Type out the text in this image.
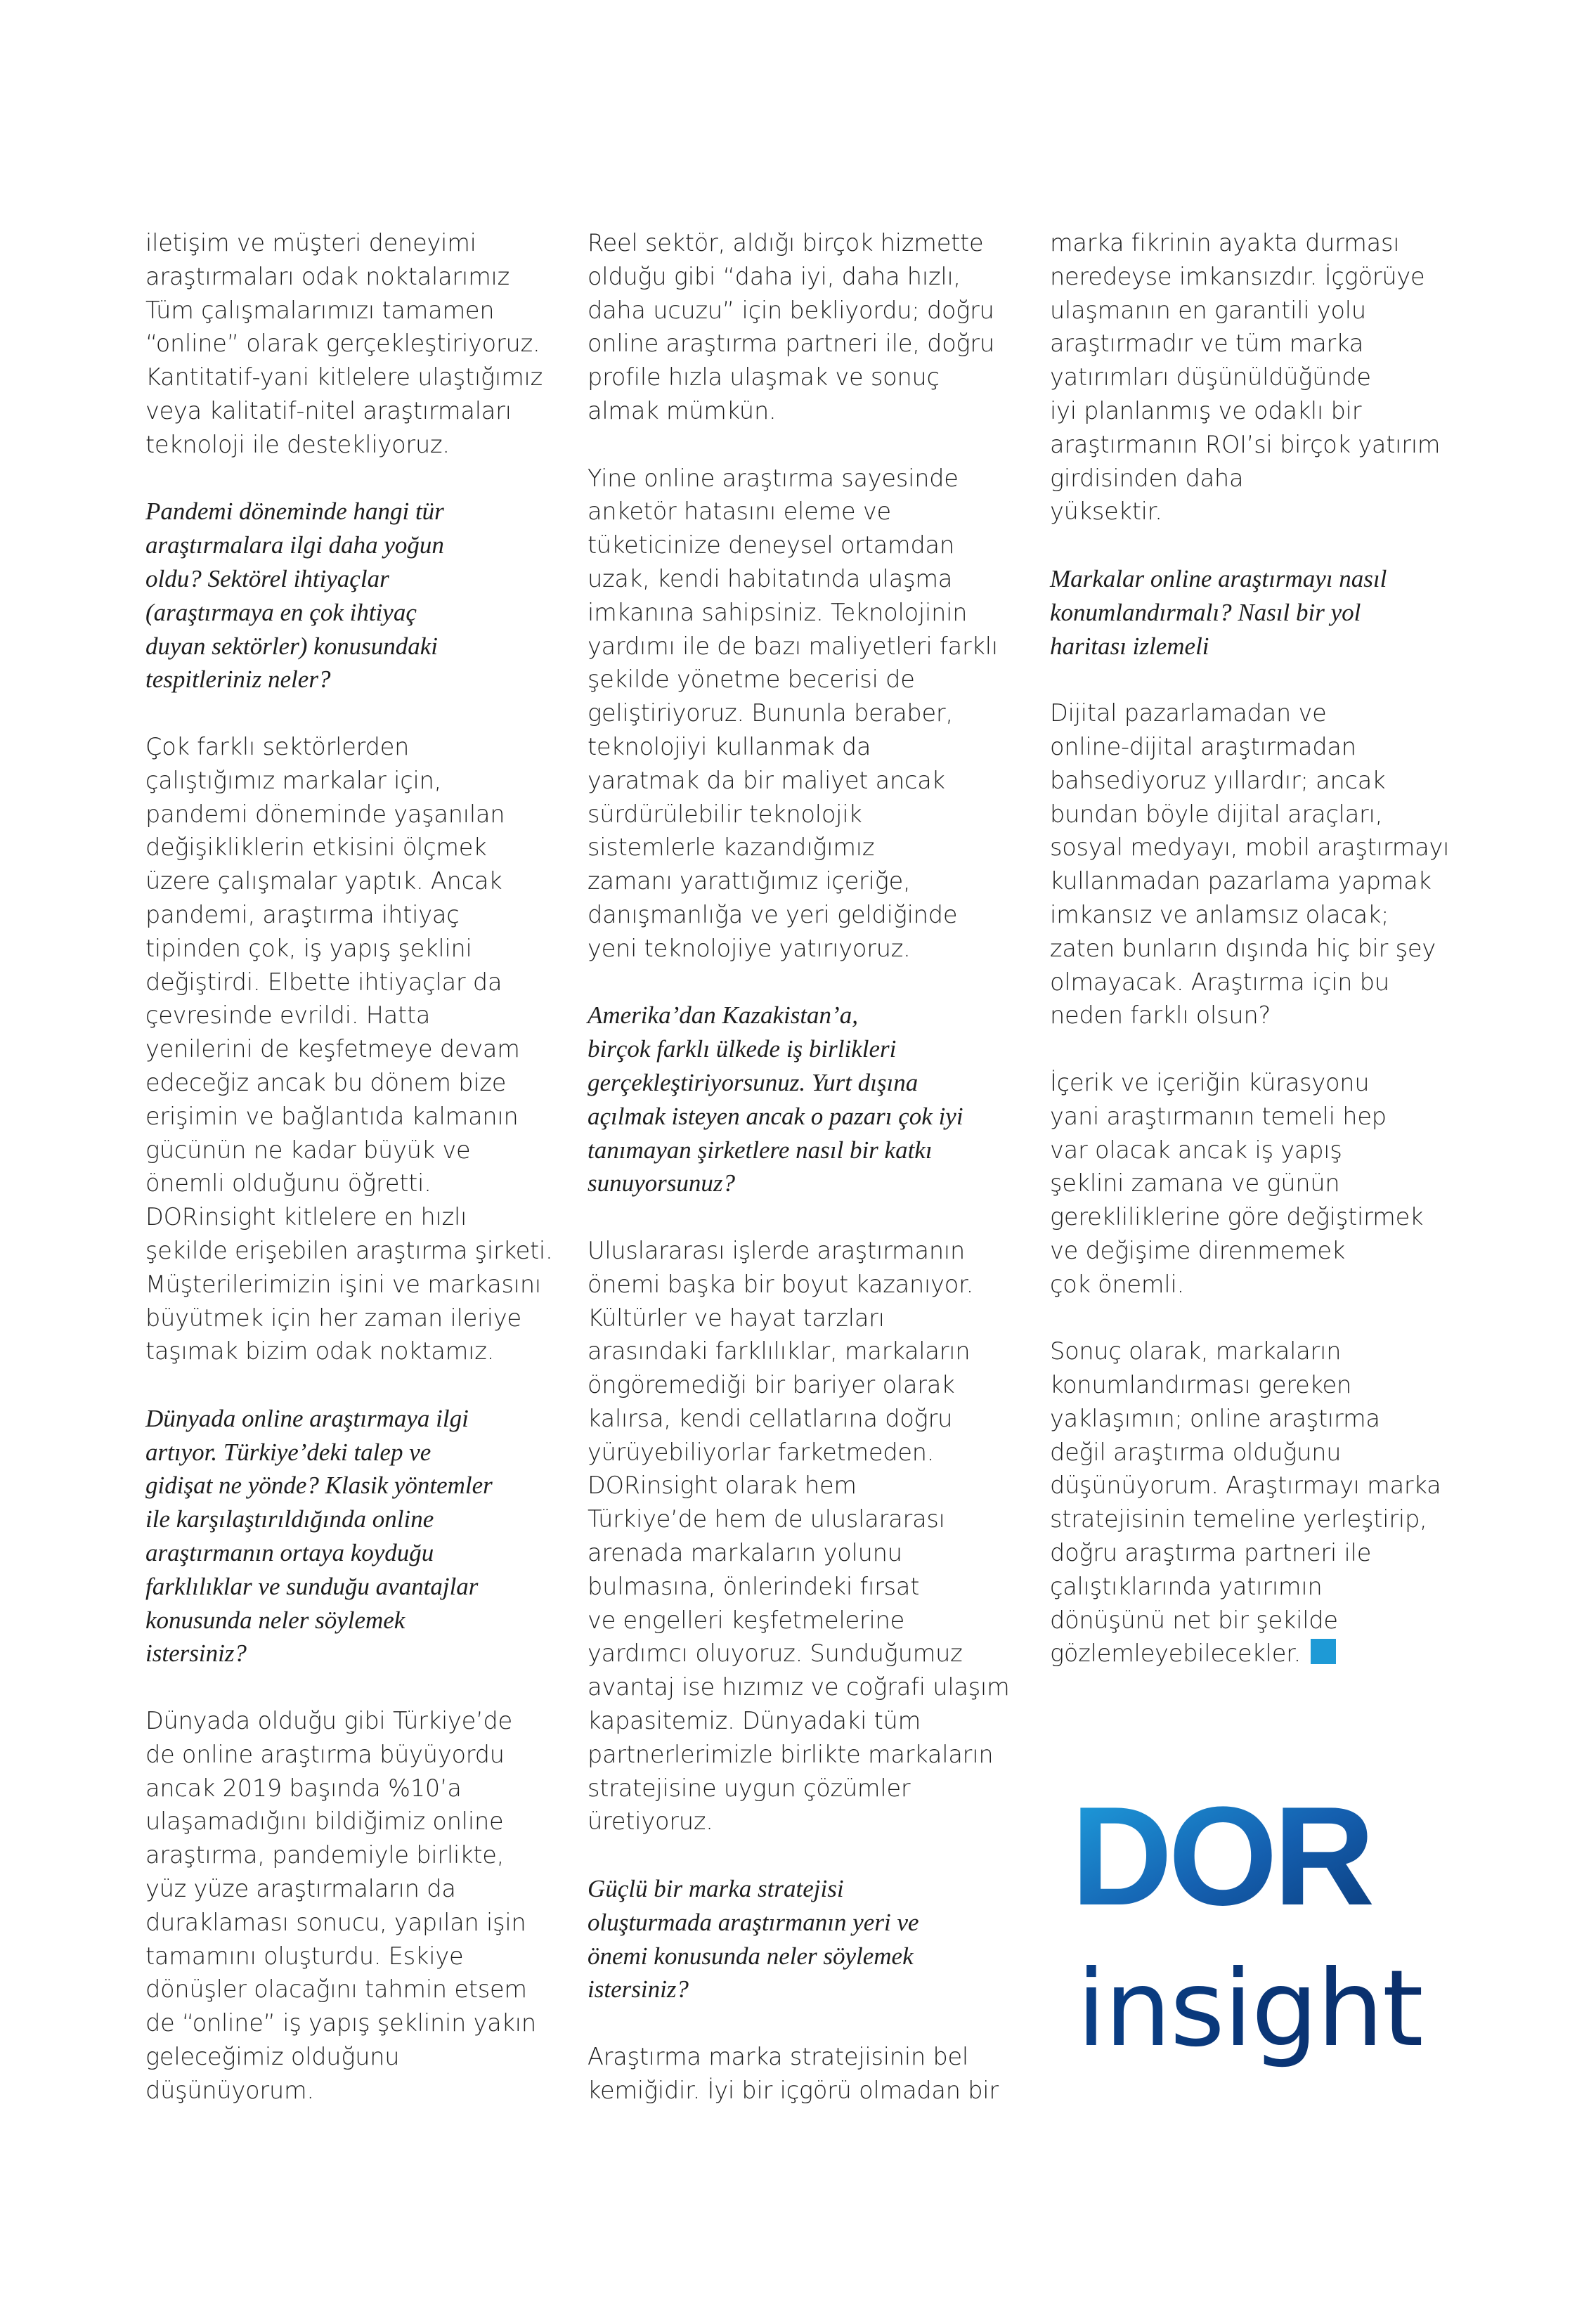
iletişim ve müşteri deneyimi
araştırmaları odak noktalarımız
Tüm çalışmalarımızı tamamen
“online” olarak gerçekleştiriyoruz.
Kantitatif-yani kitlelere ulaştığımız
veya kalitatif-nitel araştırmaları
teknoloji ile destekliyoruz.
Pandemi döneminde hangi tür
araştırmalara ilgi daha yoğun
oldu? Sektörel ihtiyaçlar
(araştırmaya en çok ihtiyaç
duyan sektörler) konusundaki
tespitleriniz neler?
Çok farklı sektörlerden
çalıştığımız markalar için,
pandemi döneminde yaşanılan
değişikliklerin etkisini ölçmek
üzere çalışmalar yaptık. Ancak
pandemi, araştırma ihtiyaç
tipinden çok, iş yapış şeklini
değiştirdi. Elbette ihtiyaçlar da
çevresinde evrildi. Hatta
yenilerini de keşfetmeye devam
edeceğiz ancak bu dönem bize
erişimin ve bağlantıda kalmanın
gücünün ne kadar büyük ve
önemli olduğunu öğretti.
DORinsight kitlelere en hızlı
şekilde erişebilen araştırma şirketi.
Müşterilerimizin işini ve markasını
büyütmek için her zaman ileriye
taşımak bizim odak noktamız.
Dünyada online araştırmaya ilgi
artıyor. Türkiye’deki talep ve
gidişat ne yönde? Klasik yöntemler
ile karşılaştırıldığında online
araştırmanın ortaya koyduğu
farklılıklar ve sunduğu avantajlar
konusunda neler söylemek
istersiniz?
Dünyada olduğu gibi Türkiye’de
de online araştırma büyüyordu
ancak 2019 başında %10’a
ulaşamadığını bildiğimiz online
araştırma, pandemiyle birlikte,
yüz yüze araştırmaların da
duraklaması sonucu, yapılan işin
tamamını oluşturdu. Eskiye
dönüşler olacağını tahmin etsem
de “online” iş yapış şeklinin yakın
geleceğimiz olduğunu
düşünüyorum.
Reel sektör, aldığı birçok hizmette
olduğu gibi “daha iyi, daha hızlı,
daha ucuzu” için bekliyordu; doğru
online araştırma partneri ile, doğru
profile hızla ulaşmak ve sonuç
almak mümkün.
Yine online araştırma sayesinde
anketör hatasını eleme ve
tüketicinize deneysel ortamdan
uzak, kendi habitatında ulaşma
imkanına sahipsiniz. Teknolojinin
yardımı ile de bazı maliyetleri farklı
şekilde yönetme becerisi de
geliştiriyoruz. Bununla beraber,
teknolojiyi kullanmak da
yaratmak da bir maliyet ancak
sürdürülebilir teknolojik
sistemlerle kazandığımız
zamanı yarattığımız içeriğe,
danışmanlığa ve yeri geldiğinde
yeni teknolojiye yatırıyoruz.
Amerika’dan Kazakistan’a,
birçok farklı ülkede iş birlikleri
gerçekleştiriyorsunuz. Yurt dışına
açılmak isteyen ancak o pazarı çok iyi
tanımayan şirketlere nasıl bir katkı
sunuyorsunuz?
Uluslararası işlerde araştırmanın
önemi başka bir boyut kazanıyor.
Kültürler ve hayat tarzları
arasındaki farklılıklar, markaların
öngöremediği bir bariyer olarak
kalırsa, kendi cellatlarına doğru
yürüyebiliyorlar farketmeden.
DORinsight olarak hem
Türkiye’de hem de uluslararası
arenada markaların yolunu
bulmasına, önlerindeki fırsat
ve engelleri keşfetmelerine
yardımcı oluyoruz. Sunduğumuz
avantaj ise hızımız ve coğrafi ulaşım
kapasitemiz. Dünyadaki tüm
partnerlerimizle birlikte markaların
stratejisine uygun çözümler
üretiyoruz.
Güçlü bir marka stratejisi
oluşturmada araştırmanın yeri ve
önemi konusunda neler söylemek
istersiniz?
Araştırma marka stratejisinin bel
kemiğidir. İyi bir içgörü olmadan bir
marka fikrinin ayakta durması
neredeyse imkansızdır. İçgörüye
ulaşmanın en garantili yolu
araştırmadır ve tüm marka
yatırımları düşünüldüğünde
iyi planlanmış ve odaklı bir
araştırmanın ROI’si birçok yatırım
girdisinden daha
yüksektir.
Markalar online araştırmayı nasıl
konumlandırmalı? Nasıl bir yol
haritası izlemeli
Dijital pazarlamadan ve
online-dijital araştırmadan
bahsediyoruz yıllardır; ancak
bundan böyle dijital araçları,
sosyal medyayı, mobil araştırmayı
kullanmadan pazarlama yapmak
imkansız ve anlamsız olacak;
zaten bunların dışında hiç bir şey
olmayacak. Araştırma için bu
neden farklı olsun?
İçerik ve içeriğin kürasyonu
yani araştırmanın temeli hep
var olacak ancak iş yapış
şeklini zamana ve günün
gerekliliklerine göre değiştirmek
ve değişime direnmemek
çok önemli.
Sonuç olarak, markaların
konumlandırması gereken
yaklaşımın; online araştırma
değil araştırma olduğunu
düşünüyorum. Araştırmayı marka
stratejisinin temeline yerleştirip,
doğru araştırma partneri ile
çalıştıklarında yatırımın
dönüşünü net bir şekilde
gözlemleyebilecekler.
DOR
insight
